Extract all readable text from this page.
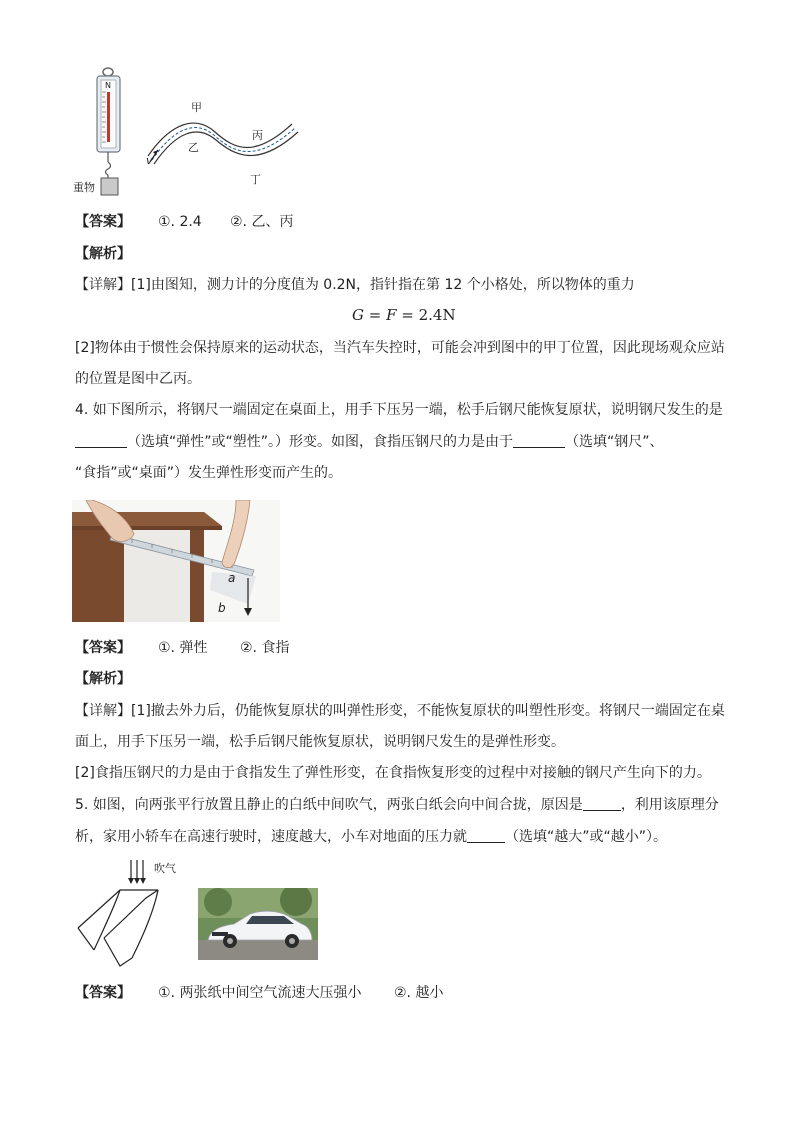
N
重物
v
甲
乙
丙
丁
【答案】 ①. 2.4 ②. 乙、丙
【解析】
【详解】[1]由图知，测力计的分度值为 0.2N，指针指在第 12 个小格处，所以物体的重力
G = F = 2.4N
[2]物体由于惯性会保持原来的运动状态，当汽车失控时，可能会冲到图中的甲丁位置，因此现场观众应站
的位置是图中乙丙。
4. 如下图所示，将钢尺一端固定在桌面上，用手下压另一端，松手后钢尺能恢复原状，说明钢尺发生的是
（选填“弹性”或“塑性”。）形变。如图，食指压钢尺的力是由于	（选填“钢尺”、
“食指”或“桌面”）发生弹性形变而产生的。
a
b
【答案】 ①. 弹性 ②. 食指
【解析】
【详解】[1]撤去外力后，仍能恢复原状的叫弹性形变，不能恢复原状的叫塑性形变。将钢尺一端固定在桌
面上，用手下压另一端，松手后钢尺能恢复原状，说明钢尺发生的是弹性形变。
[2]食指压钢尺的力是由于食指发生了弹性形变，在食指恢复形变的过程中对接触的钢尺产生向下的力。
5. 如图，向两张平行放置且静止的白纸中间吹气，两张白纸会向中间合拢，原因是	，利用该原理分
析，家用小轿车在高速行驶时，速度越大，小车对地面的压力就	（选填“越大”或“越小”）。
吹气
【答案】 ①. 两张纸中间空气流速大压强小 ②. 越小
